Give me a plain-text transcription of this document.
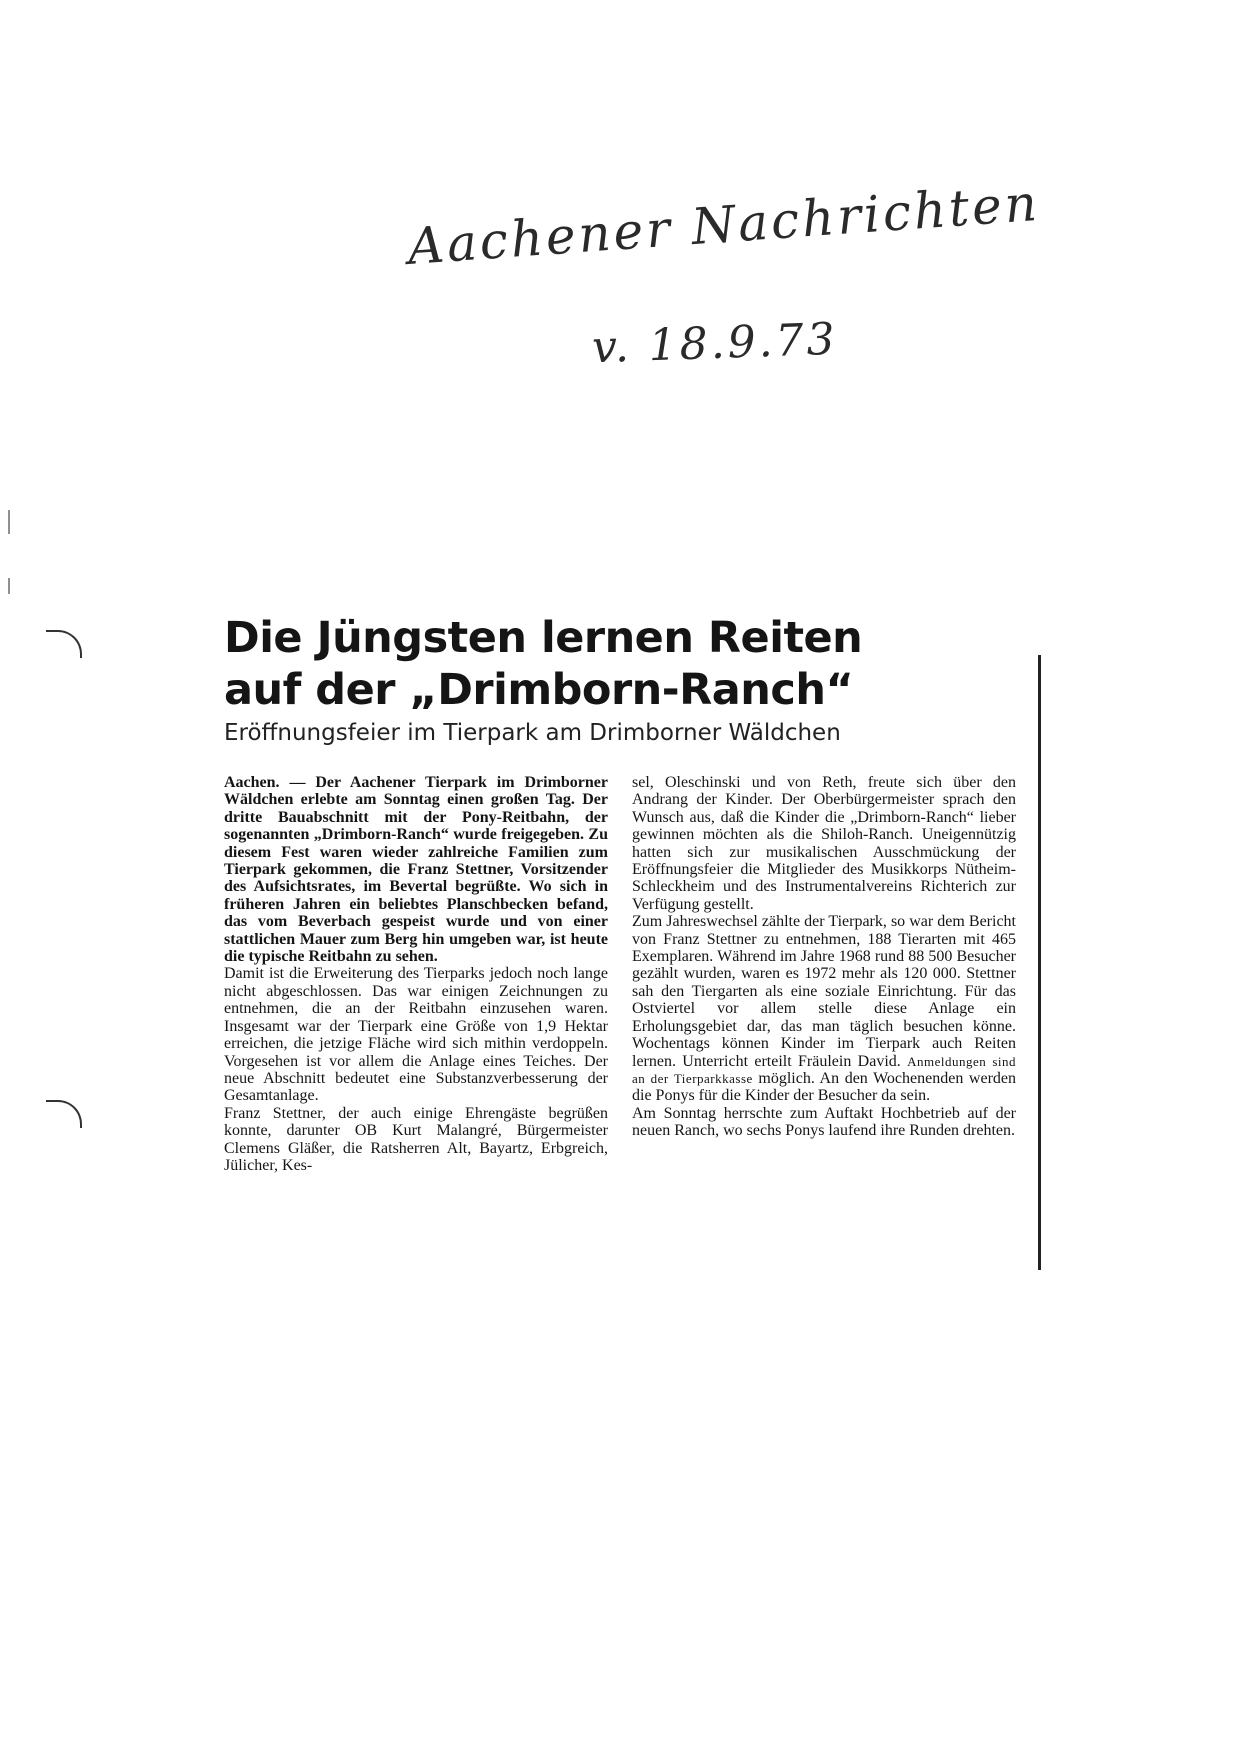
Aachener Nachrichten
v. 18.9.73
Die Jüngsten lernen Reiten
auf der „Drimborn-Ranch“
Eröffnungsfeier im Tierpark am Drimborner Wäldchen

Aachen. — Der Aachener Tierpark im Drimborner Wäldchen erlebte am Sonntag einen großen Tag. Der dritte Bauabschnitt mit der Pony-Reitbahn, der sogenannten „Drimborn-Ranch“ wurde freigegeben. Zu diesem Fest waren wieder zahlreiche Familien zum Tierpark gekommen, die Franz Stettner, Vorsitzender des Aufsichtsrates, im Bevertal begrüßte. Wo sich in früheren Jahren ein beliebtes Planschbecken befand, das vom Beverbach gespeist wurde und von einer stattlichen Mauer zum Berg hin umgeben war, ist heute die typische Reitbahn zu sehen.

Damit ist die Erweiterung des Tierparks jedoch noch lange nicht abgeschlossen. Das war einigen Zeichnungen zu entnehmen, die an der Reitbahn einzusehen waren. Insgesamt war der Tierpark eine Größe von 1,9 Hektar erreichen, die jetzige Fläche wird sich mithin verdoppeln. Vorgesehen ist vor allem die Anlage eines Teiches. Der neue Abschnitt bedeutet eine Substanzverbesserung der Gesamtanlage.

Franz Stettner, der auch einige Ehrengäste begrüßen konnte, darunter OB Kurt Malangré, Bürgermeister Clemens Gläßer, die Ratsherren Alt, Bayartz, Erbgreich, Jülicher, Kes-

sel, Oleschinski und von Reth, freute sich über den Andrang der Kinder. Der Oberbürgermeister sprach den Wunsch aus, daß die Kinder die „Drimborn-Ranch“ lieber gewinnen möchten als die Shiloh-Ranch. Uneigennützig hatten sich zur musikalischen Ausschmückung der Eröffnungsfeier die Mitglieder des Musikkorps Nütheim-Schleckheim und des Instrumentalvereins Richterich zur Verfügung gestellt.

Zum Jahreswechsel zählte der Tierpark, so war dem Bericht von Franz Stettner zu entnehmen, 188 Tierarten mit 465 Exemplaren. Während im Jahre 1968 rund 88 500 Besucher gezählt wurden, waren es 1972 mehr als 120 000. Stettner sah den Tiergarten als eine soziale Einrichtung. Für das Ostviertel vor allem stelle diese Anlage ein Erholungsgebiet dar, das man täglich besuchen könne. Wochentags können Kinder im Tierpark auch Reiten lernen. Unterricht erteilt Fräulein David. Anmeldungen sind an der Tierparkkasse möglich. An den Wochenenden werden die Ponys für die Kinder der Besucher da sein.

Am Sonntag herrschte zum Auftakt Hochbetrieb auf der neuen Ranch, wo sechs Ponys laufend ihre Runden drehten.
